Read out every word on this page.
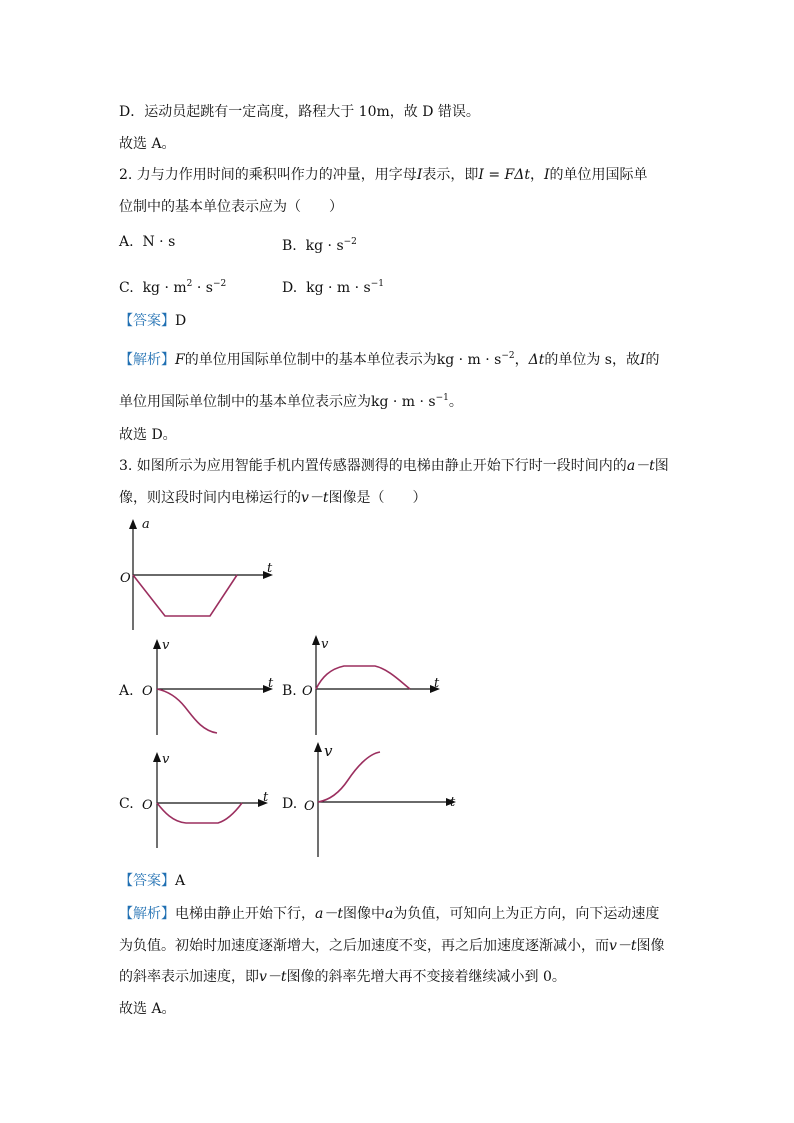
D．运动员起跳有一定高度，路程大于 10m，故 D 错误。
故选 A。
2. 力与力作用时间的乘积叫作力的冲量，用字母I表示，即I = FΔt，I的单位用国际单
位制中的基本单位表示应为（　　）
A. N · s	B. kg · $s^{-2}$
C. kg · $m^2 \cdot s^{-2}$	D. kg · $m \cdot s^{-1}$
【答案】D
【解析】F的单位用国际单位制中的基本单位表示为kg · $m \cdot s^{-2}$，Δt的单位为 s，故I的
单位用国际单位制中的基本单位表示应为kg · $m \cdot s^{-1}$。
故选 D。
3. 如图所示为应用智能手机内置传感器测得的电梯由静止开始下行时一段时间内的a－t图
像，则这段时间内电梯运行的v－t图像是（　　）
a
t
O
A.
v
t
O	B.
v
t
O
C.
v
t
O	D.
v
t
O
【答案】A
【解析】电梯由静止开始下行，a－t图像中a为负值，可知向上为正方向，向下运动速度
为负值。初始时加速度逐渐增大，之后加速度不变，再之后加速度逐渐减小，而v－t图像
的斜率表示加速度，即v－t图像的斜率先增大再不变接着继续减小到 0。
故选 A。
